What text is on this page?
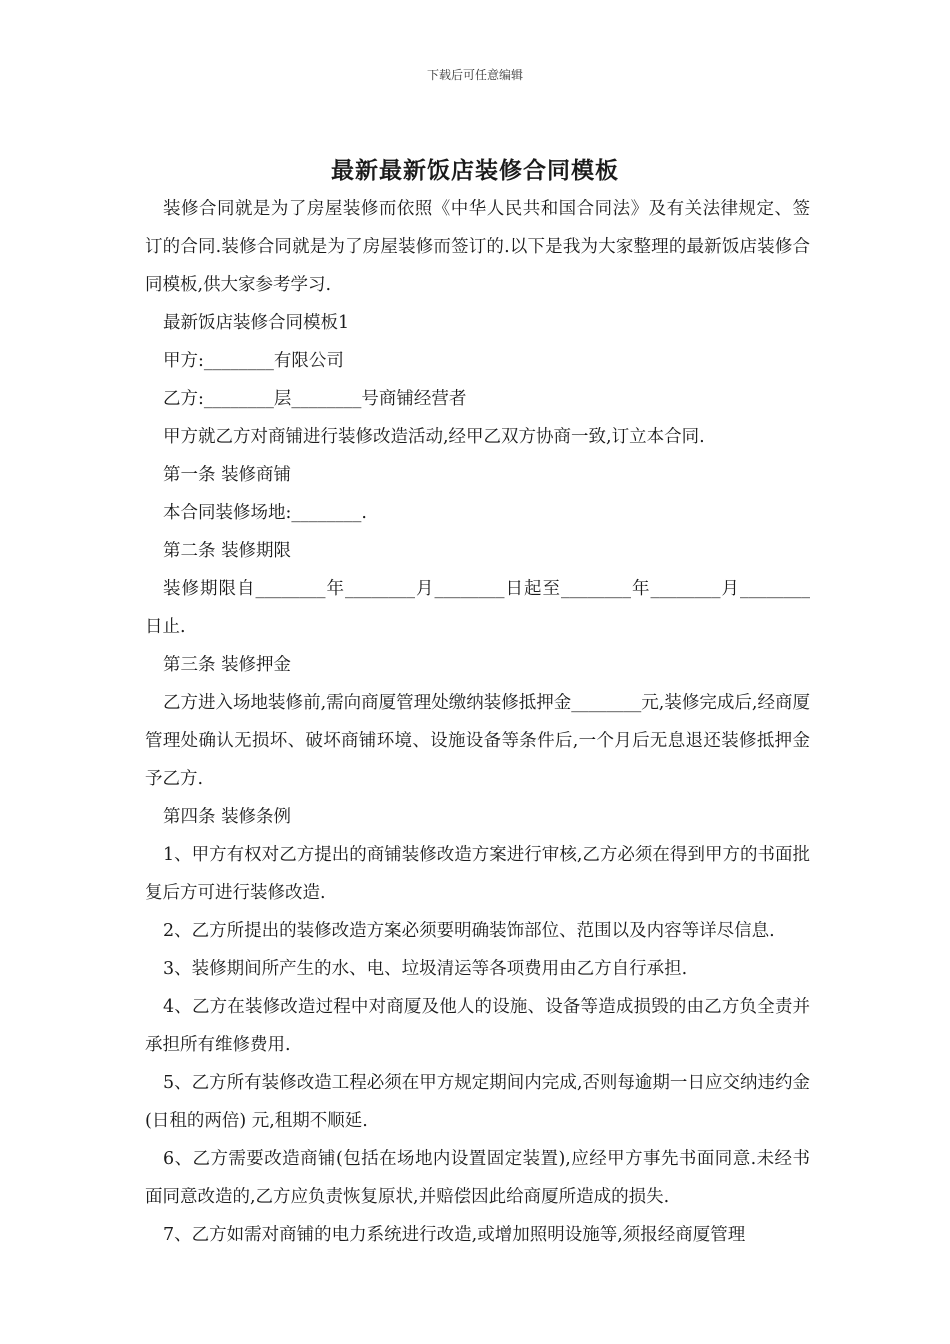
下载后可任意编辑
最新最新饭店装修合同模板

装修合同就是为了房屋装修而依照《中华人民共和国合同法》及有关法律规定、签订的合同.装修合同就是为了房屋装修而签订的.以下是我为大家整理的最新饭店装修合同模板,供大家参考学习.

最新饭店装修合同模板1

甲方:________有限公司

乙方:________层________号商铺经营者

甲方就乙方对商铺进行装修改造活动,经甲乙双方协商一致,订立本合同.

第一条 装修商铺

本合同装修场地:________.

第二条 装修期限

装修期限自________年________月________日起至________年________月________日止.

第三条 装修押金

乙方进入场地装修前,需向商厦管理处缴纳装修抵押金________元,装修完成后,经商厦管理处确认无损坏、破坏商铺环境、设施设备等条件后,一个月后无息退还装修抵押金予乙方.

第四条 装修条例

1、甲方有权对乙方提出的商铺装修改造方案进行审核,乙方必须在得到甲方的书面批复后方可进行装修改造.

2、乙方所提出的装修改造方案必须要明确装饰部位、范围以及内容等详尽信息.

3、装修期间所产生的水、电、垃圾清运等各项费用由乙方自行承担.

4、乙方在装修改造过程中对商厦及他人的设施、设备等造成损毁的由乙方负全责并承担所有维修费用.

5、乙方所有装修改造工程必须在甲方规定期间内完成,否则每逾期一日应交纳违约金(日租的两倍) 元,租期不顺延.

6、乙方需要改造商铺(包括在场地内设置固定装置),应经甲方事先书面同意.未经书面同意改造的,乙方应负责恢复原状,并赔偿因此给商厦所造成的损失.

7、乙方如需对商铺的电力系统进行改造,或增加照明设施等,须报经商厦管理
